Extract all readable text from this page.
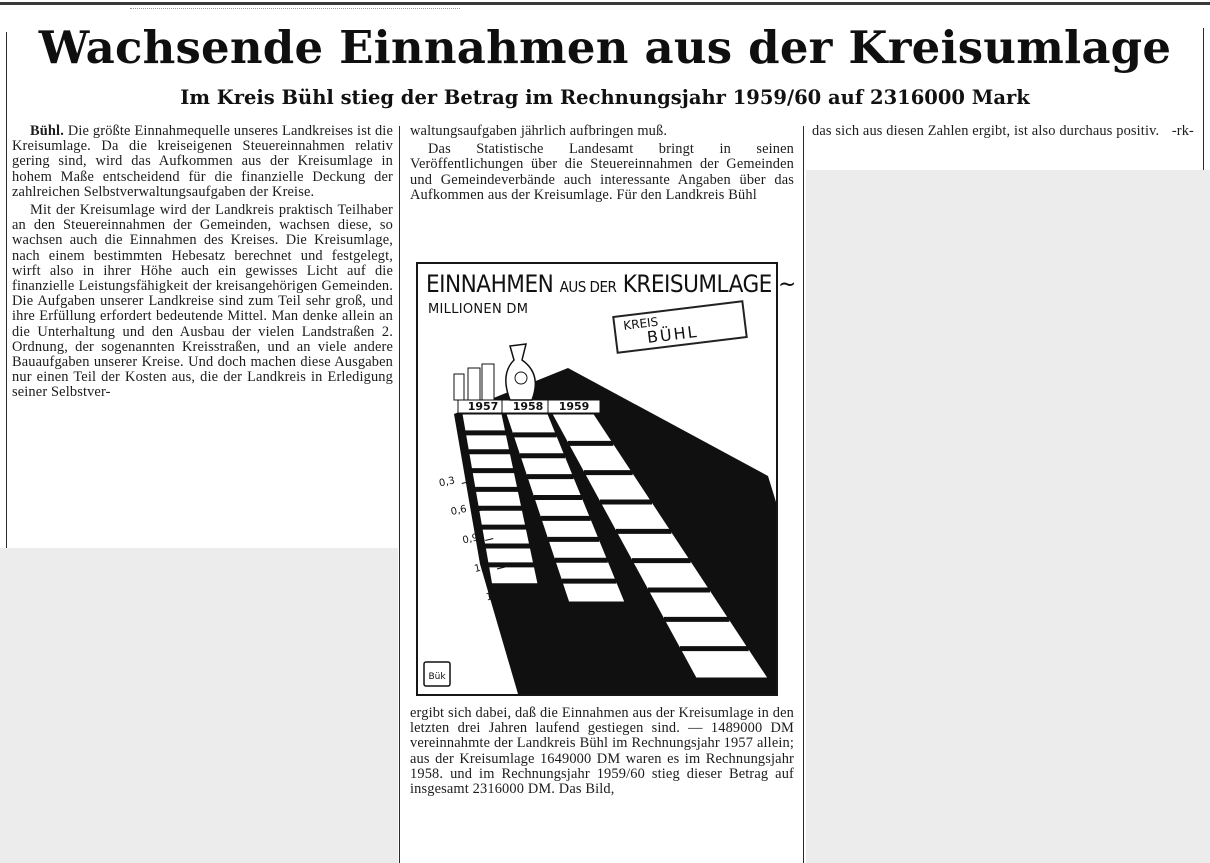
Wachsende Einnahmen aus der Kreisumlage
Im Kreis Bühl stieg der Betrag im Rechnungsjahr 1959/60 auf 2316000 Mark

Bühl. Die größte Einnahmequelle unseres Landkreises ist die Kreisumlage. Da die kreiseigenen Steuereinnahmen relativ gering sind, wird das Aufkommen aus der Kreisumlage in hohem Maße entscheidend für die finanzielle Deckung der zahlreichen Selbstverwaltungsaufgaben der Kreise.

Mit der Kreisumlage wird der Landkreis praktisch Teilhaber an den Steuereinnahmen der Gemeinden, wachsen diese, so wachsen auch die Einnahmen des Kreises. Die Kreisumlage, nach einem bestimmten Hebesatz berechnet und festgelegt, wirft also in ihrer Höhe auch ein gewisses Licht auf die finanzielle Leistungsfähigkeit der kreisangehörigen Gemeinden. Die Aufgaben unserer Landkreise sind zum Teil sehr groß, und ihre Erfüllung erfordert bedeutende Mittel. Man denke allein an die Unterhaltung und den Ausbau der vielen Landstraßen 2. Ordnung, der sogenannten Kreisstraßen, und an viele andere Bauaufgaben unserer Kreise. Und doch machen diese Ausgaben nur einen Teil der Kosten aus, die der Landkreis in Erledigung seiner Selbstver-

waltungsaufgaben jährlich aufbringen muß.

Das Statistische Landesamt bringt in seinen Veröffentlichungen über die Steuereinnahmen der Gemeinden und Gemeindeverbände auch interessante Angaben über das Aufkommen aus der Kreisumlage. Für den Landkreis Bühl

1957 1958 1959
0,3
0,6
0,9
1,2
1,5
1,8
2,1
2,4
Bük
EINNAHMEN AUS DER KREISUMLAGE ~
MILLIONEN DM
KREIS
BÜHL

ergibt sich dabei, daß die Einnahmen aus der Kreisumlage in den letzten drei Jahren laufend gestiegen sind. — 1489000 DM vereinnahmte der Landkreis Bühl im Rechnungsjahr 1957 allein; aus der Kreisumlage 1649000 DM waren es im Rechnungsjahr 1958. und im Rechnungsjahr 1959/60 stieg dieser Betrag auf insgesamt 2316000 DM. Das Bild,

das sich aus diesen Zahlen ergibt, ist also durchaus positiv. -rk-
